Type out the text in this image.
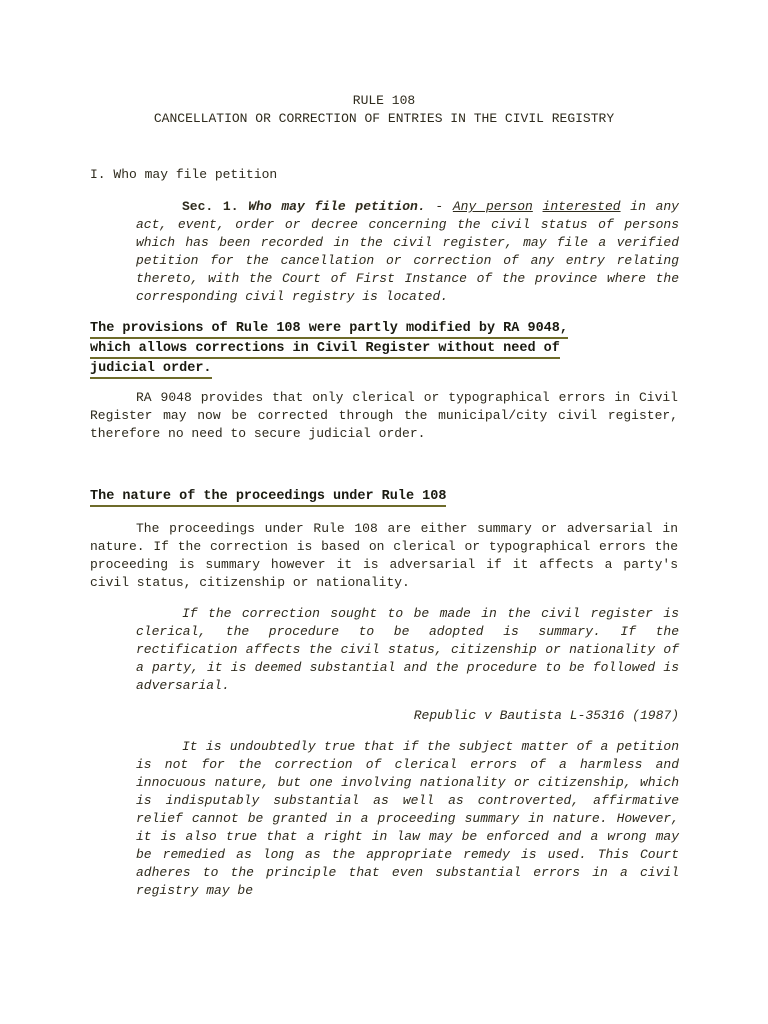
RULE 108
CANCELLATION OR CORRECTION OF ENTRIES IN THE CIVIL REGISTRY
I. Who may file petition
Sec. 1. Who may file petition. - Any person interested in any act, event, order or decree concerning the civil status of persons which has been recorded in the civil register, may file a verified petition for the cancellation or correction of any entry relating thereto, with the Court of First Instance of the province where the corresponding civil registry is located.
The provisions of Rule 108 were partly modified by RA 9048,
which allows corrections in Civil Register without need of
judicial order.
RA 9048 provides that only clerical or typographical errors in Civil Register may now be corrected through the municipal/city civil register, therefore no need to secure judicial order.
The nature of the proceedings under Rule 108
The proceedings under Rule 108 are either summary or adversarial in nature. If the correction is based on clerical or typographical errors the proceeding is summary however it is adversarial if it affects a party's civil status, citizenship or nationality.
If the correction sought to be made in the civil register is clerical, the procedure to be adopted is summary. If the rectification affects the civil status, citizenship or nationality of a party, it is deemed substantial and the procedure to be followed is adversarial.
Republic v Bautista L-35316 (1987)
It is undoubtedly true that if the subject matter of a petition is not for the correction of clerical errors of a harmless and innocuous nature, but one involving nationality or citizenship, which is indisputably substantial as well as controverted, affirmative relief cannot be granted in a proceeding summary in nature. However, it is also true that a right in law may be enforced and a wrong may be remedied as long as the appropriate remedy is used. This Court adheres to the principle that even substantial errors in a civil registry may be
